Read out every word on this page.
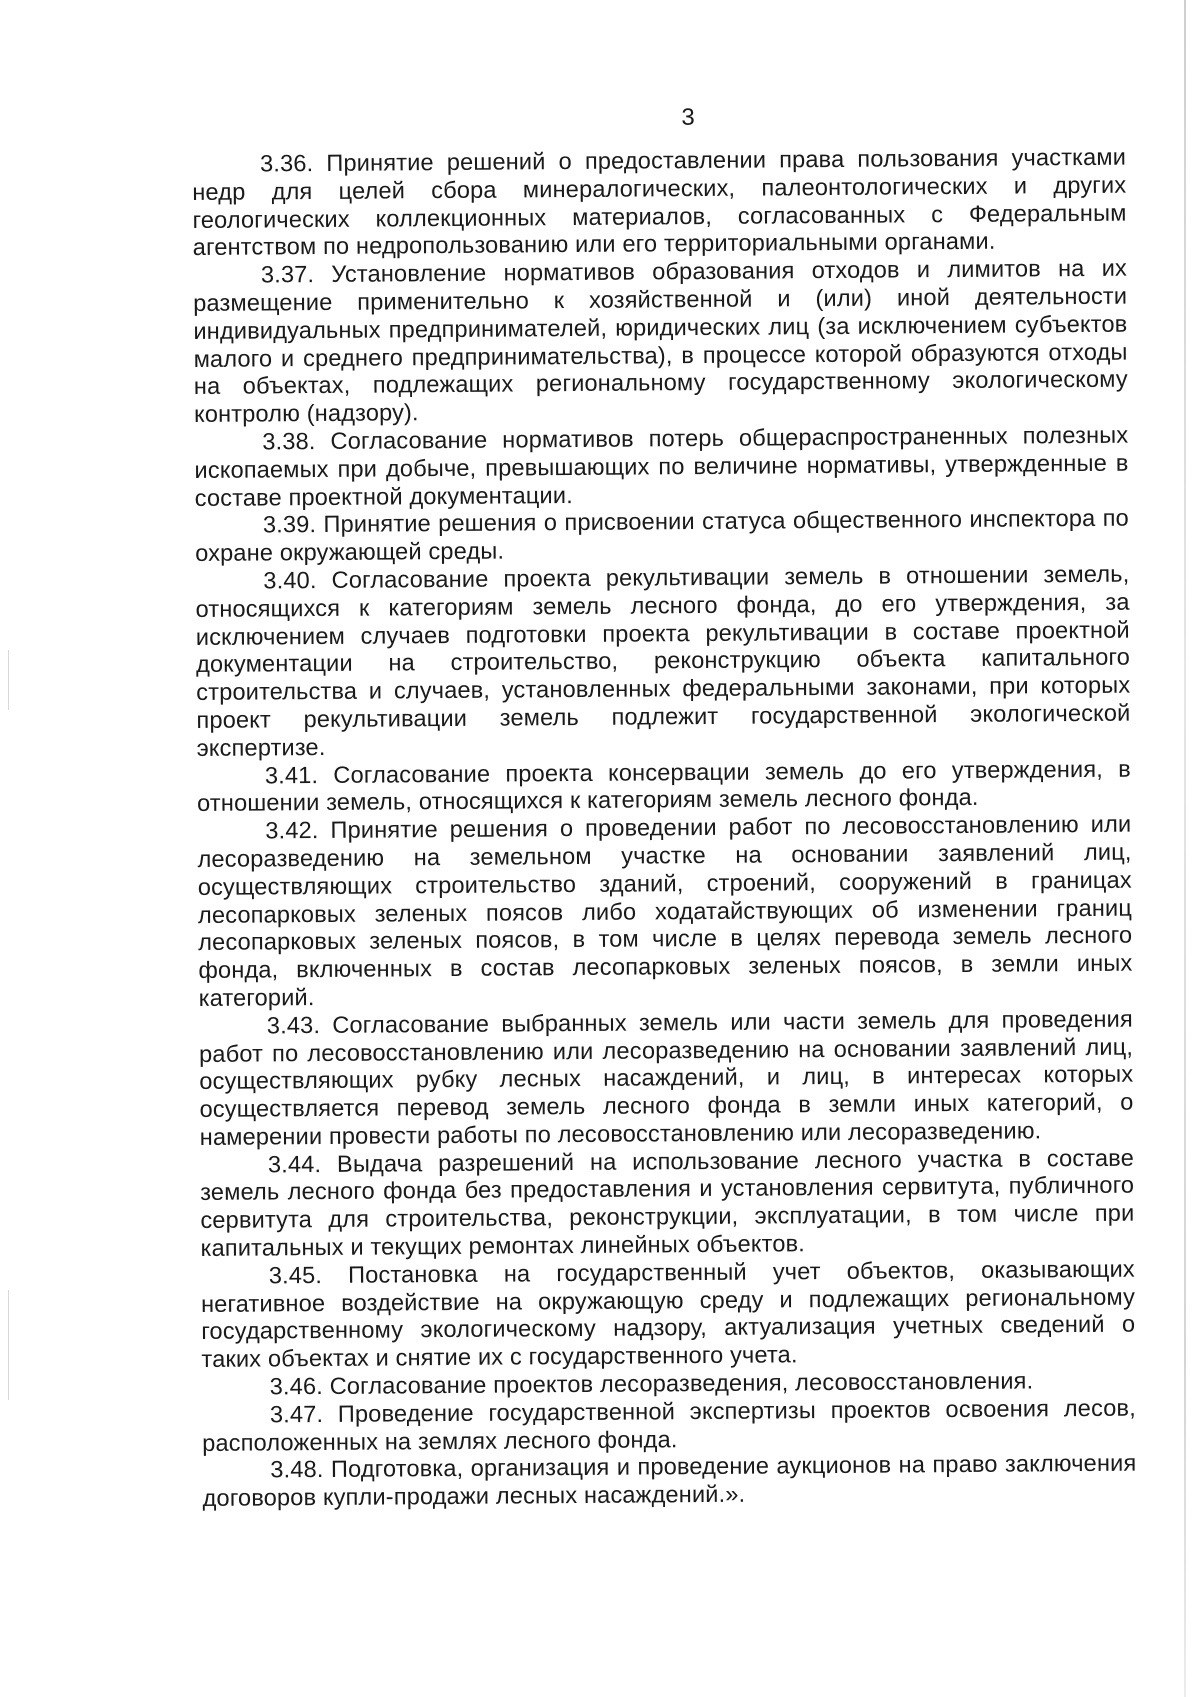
3

3.36. Принятие решений о предоставлении права пользования участками недр для целей сбора минералогических, палеонтологических и других геологических коллекционных материалов, согласованных с Федеральным агентством по недропользованию или его территориальными органами.

3.37. Установление нормативов образования отходов и лимитов на их размещение применительно к хозяйственной и (или) иной деятельности индивидуальных предпринимателей, юридических лиц (за исключением субъектов малого и среднего предпринимательства), в процессе которой образуются отходы на объектах, подлежащих региональному государственному экологическому контролю (надзору).

3.38. Согласование нормативов потерь общераспространенных полезных ископаемых при добыче, превышающих по величине нормативы, утвержденные в составе проектной документации.

3.39. Принятие решения о присвоении статуса общественного инспектора по охране окружающей среды.

3.40. Согласование проекта рекультивации земель в отношении земель, относящихся к категориям земель лесного фонда, до его утверждения, за исключением случаев подготовки проекта рекультивации в составе проектной документации на строительство, реконструкцию объекта капитального строительства и случаев, установленных федеральными законами, при которых проект рекультивации земель подлежит государственной экологической экспертизе.

3.41. Согласование проекта консервации земель до его утверждения, в отношении земель, относящихся к категориям земель лесного фонда.

3.42. Принятие решения о проведении работ по лесовосстановлению или лесоразведению на земельном участке на основании заявлений лиц, осуществляющих строительство зданий, строений, сооружений в границах лесопарковых зеленых поясов либо ходатайствующих об изменении границ лесопарковых зеленых поясов, в том числе в целях перевода земель лесного фонда, включенных в состав лесопарковых зеленых поясов, в земли иных категорий.

3.43. Согласование выбранных земель или части земель для проведения работ по лесовосстановлению или лесоразведению на основании заявлений лиц, осуществляющих рубку лесных насаждений, и лиц, в интересах которых осуществляется перевод земель лесного фонда в земли иных категорий, о намерении провести работы по лесовосстановлению или лесоразведению.

3.44. Выдача разрешений на использование лесного участка в составе земель лесного фонда без предоставления и установления сервитута, публичного сервитута для строительства, реконструкции, эксплуатации, в том числе при капитальных и текущих ремонтах линейных объектов.

3.45. Постановка на государственный учет объектов, оказывающих негативное воздействие на окружающую среду и подлежащих региональному государственному экологическому надзору, актуализация учетных сведений о таких объектах и снятие их с государственного учета.

3.46. Согласование проектов лесоразведения, лесовосстановления.

3.47. Проведение государственной экспертизы проектов освоения лесов, расположенных на землях лесного фонда.

3.48. Подготовка, организация и проведение аукционов на право заключения договоров купли-продажи лесных насаждений.».
